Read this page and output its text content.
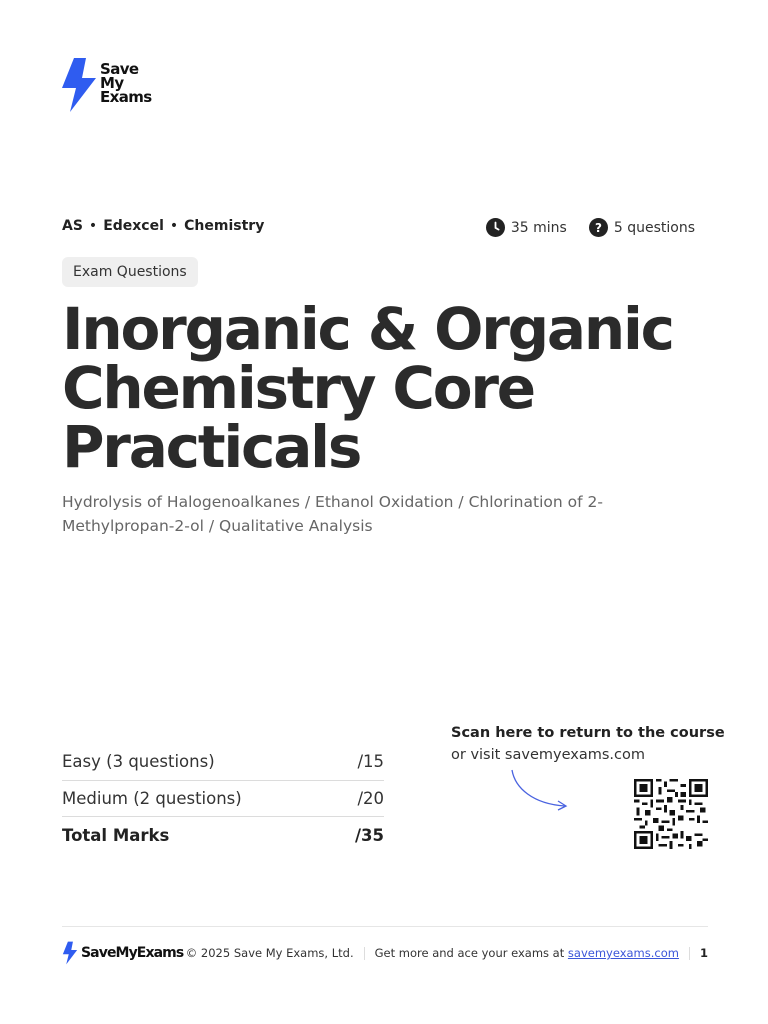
Save
My
Exams
AS • Edexcel • Chemistry	35 mins ? 5 questions
Exam Questions
Inorganic & Organic Chemistry Core Practicals

Hydrolysis of Halogenoalkanes / Ethanol Oxidation / Chlorination of 2-Methylpropan-2-ol / Qualitative Analysis

Easy (3 questions)	/15
Medium (2 questions)	/20
Total Marks	/35
Scan here to return to the course
or visit savemyexams.com
SaveMyExams © 2025 Save My Exams, Ltd. Get more and ace your exams at
savemyexams.com 1
